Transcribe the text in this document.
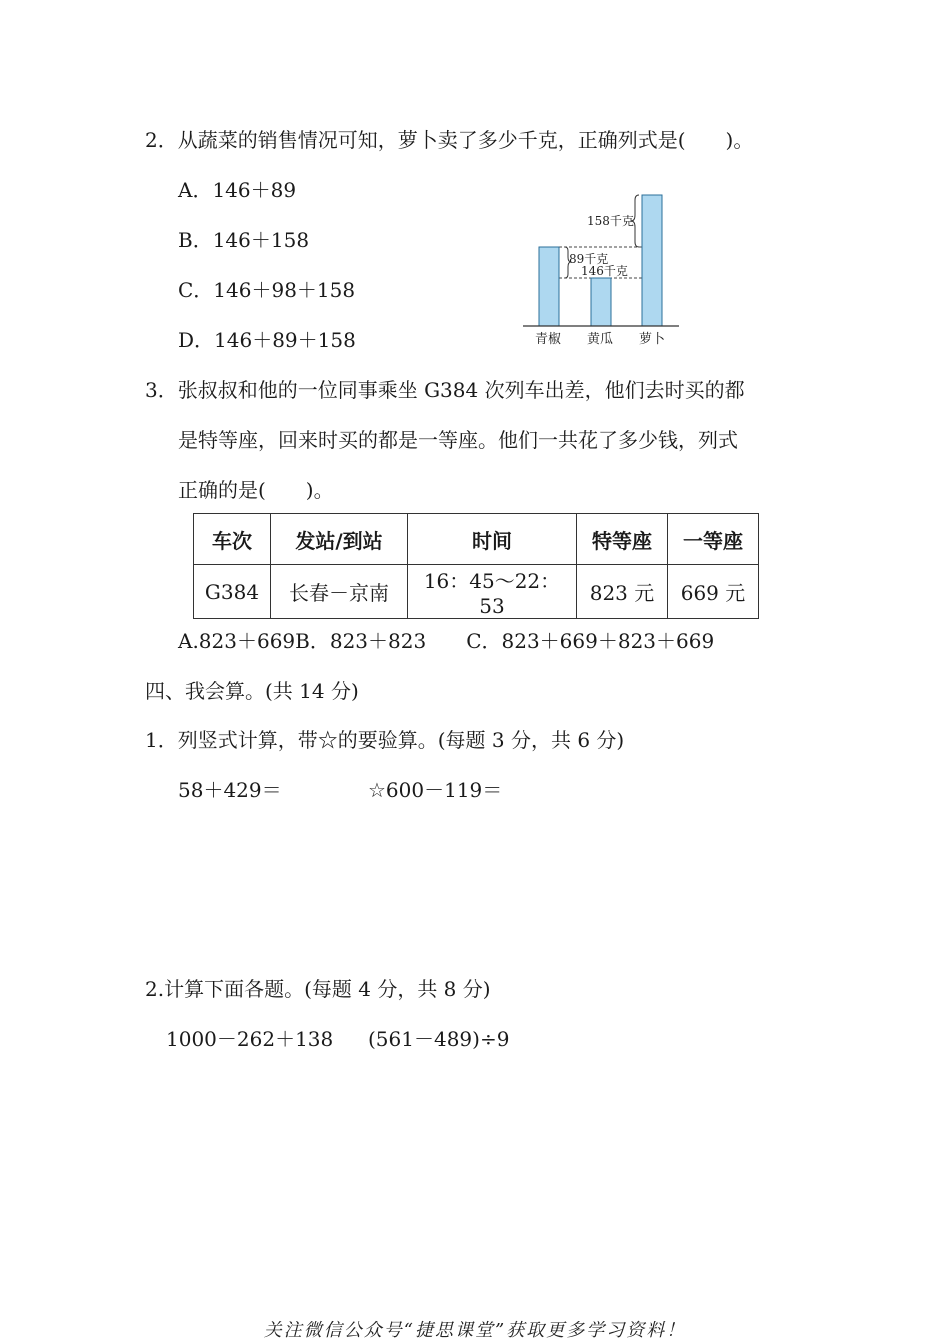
2．从蔬菜的销售情况可知，萝卜卖了多少千克，正确列式是(　　)。
A．146＋89
B．146＋158
C．146＋98＋158
D．146＋89＋158
158千克
89千克
146千克
青椒 黄瓜 萝卜
3．张叔叔和他的一位同事乘坐 G384 次列车出差，他们去时买的都
是特等座，回来时买的都是一等座。他们一共花了多少钱，列式
正确的是(　　)。
车次	发站/到站	时间	特等座	一等座
G384	长春－京南	16：45～22：53	823 元	669 元
A.823＋669B．823＋823　　C．823＋669＋823＋669
四、我会算。(共 14 分)
1．列竖式计算，带☆的要验算。(每题 3 分，共 6 分)
58＋429＝	☆600－119＝
2.计算下面各题。(每题 4 分，共 8 分)
1000－262＋138 (561－489)÷9
关注微信公众号“捷思课堂”获取更多学习资料！
